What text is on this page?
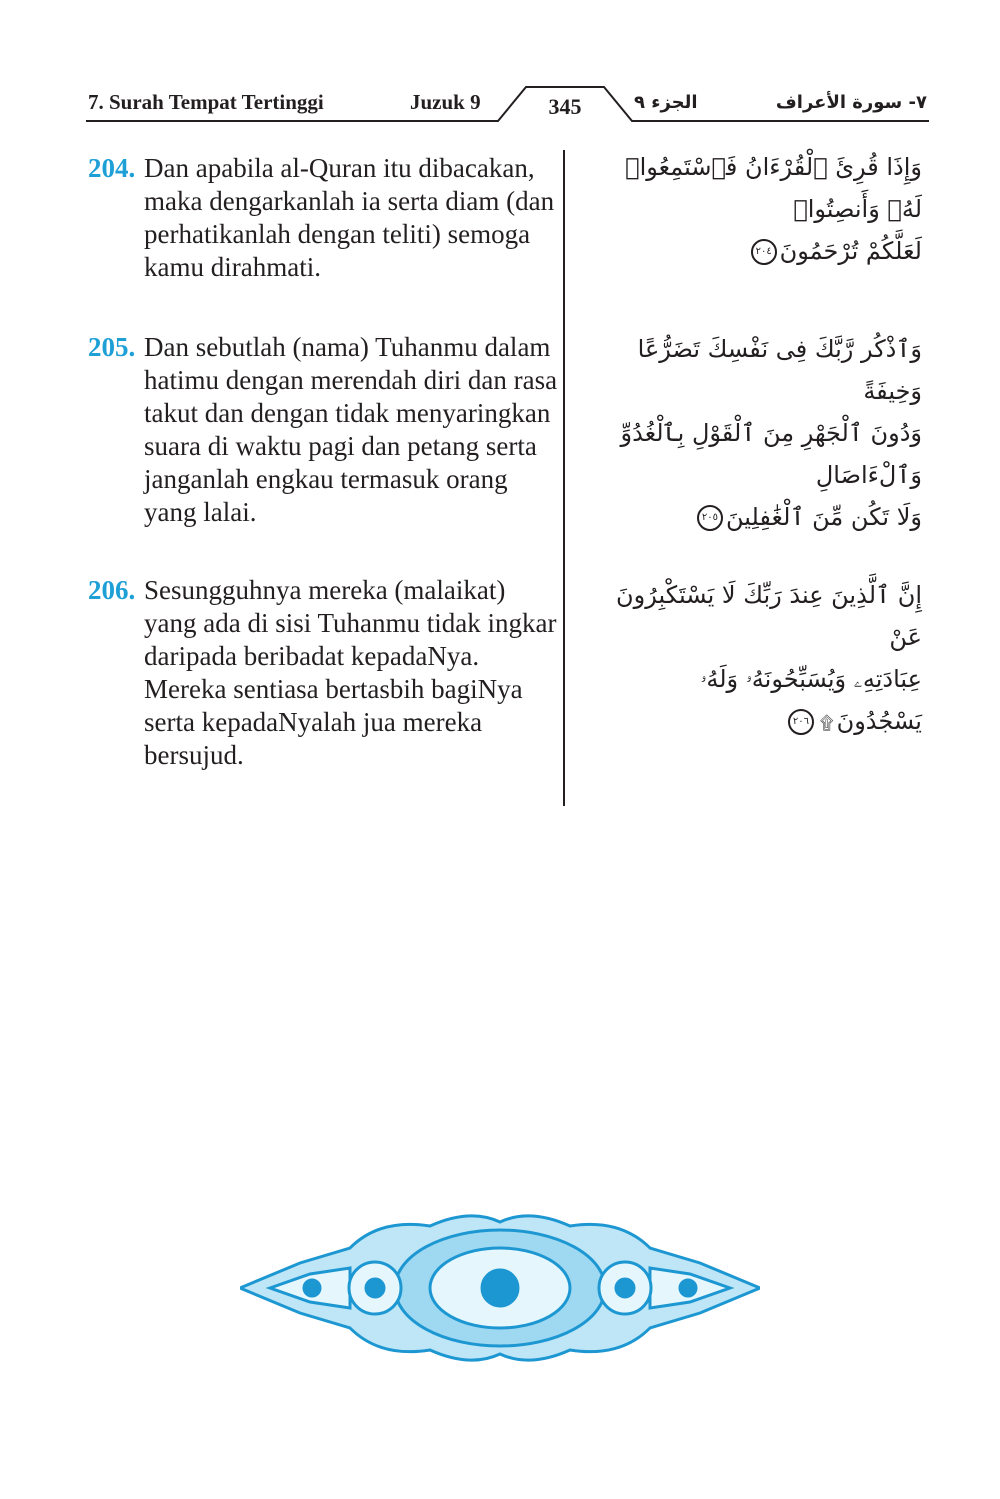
7. Surah Tempat Tertinggi	Juzuk 9	345	الجزء ٩	٧- سورة الأعراف
204. Dan apabila al-Quran itu dibacakan, maka dengarkanlah ia serta diam (dan perhatikanlah dengan teliti) semoga kamu dirahmati.
وَإِذَا قُرِئَ ٱلْقُرْءَانُ فَٱسْتَمِعُوا۟ لَهُۥ وَأَنصِتُوا۟
لَعَلَّكُمْ تُرْحَمُونَ٢٠٤
205. Dan sebutlah (nama) Tuhanmu dalam hatimu dengan merendah diri dan rasa takut dan dengan tidak menyaringkan suara di waktu pagi dan petang serta janganlah engkau termasuk orang yang lalai.
وَٱذْكُر رَّبَّكَ فِى نَفْسِكَ تَضَرُّعًا وَخِيفَةً
وَدُونَ ٱلْجَهْرِ مِنَ ٱلْقَوْلِ بِٱلْغُدُوِّ وَٱلْءَاصَالِ
وَلَا تَكُن مِّنَ ٱلْغَٰفِلِينَ٢٠٥
206. Sesungguhnya mereka (malaikat) yang ada di sisi Tuhanmu tidak ingkar daripada beribadat kepadaNya. Mereka sentiasa bertasbih bagiNya serta kepadaNyalah jua mereka bersujud.
إِنَّ ٱلَّذِينَ عِندَ رَبِّكَ لَا يَسْتَكْبِرُونَ عَنْ
عِبَادَتِهِۦ وَيُسَبِّحُونَهُۥ وَلَهُۥ يَسْجُدُونَ۩٢٠٦
